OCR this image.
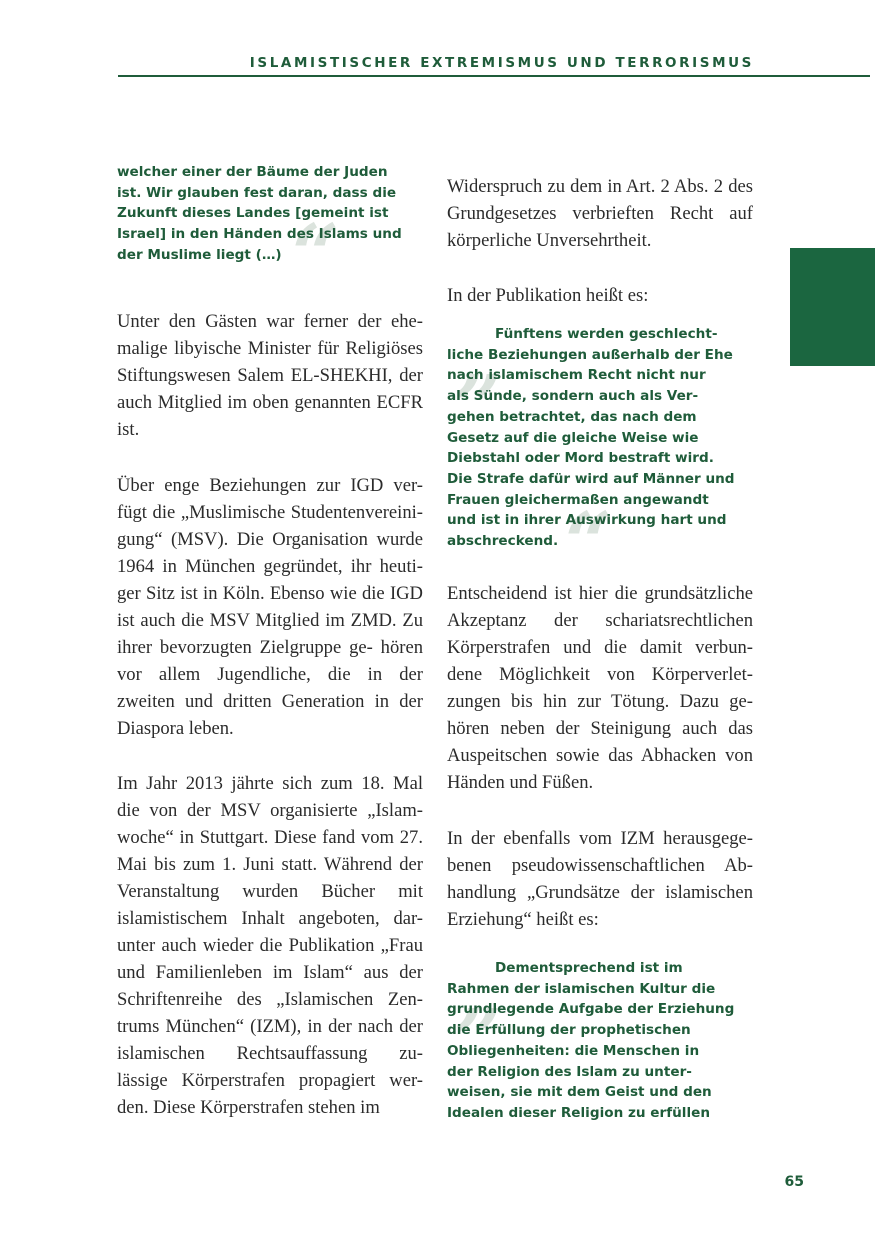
ISLAMISTISCHER EXTREMISMUS UND TERRORISMUS
“
welcher einer der Bäume der Juden
ist. Wir glauben fest daran, dass die
Zukunft dieses Landes [gemeint ist
Israel] in den Händen des Islams und
der Muslime liegt (…)

Unter den Gästen war ferner der ehe- malige libyische Minister für Religiöses Stiftungswesen Salem EL-SHEKHI, der auch Mitglied im oben genannten ECFR ist.

Über enge Beziehungen zur IGD ver- fügt die „Muslimische Studentenvereini- gung“ (MSV). Die Organisation wurde 1964 in München gegründet, ihr heuti- ger Sitz ist in Köln. Ebenso wie die IGD ist auch die MSV Mitglied im ZMD. Zu ihrer bevorzugten Zielgruppe ge- hören vor allem Jugendliche, die in der zweiten und dritten Generation in der Diaspora leben.

Im Jahr 2013 jährte sich zum 18. Mal die von der MSV organisierte „Islam- woche“ in Stuttgart. Diese fand vom 27. Mai bis zum 1. Juni statt. Während der Veranstaltung wurden Bücher mit islamistischem Inhalt angeboten, dar- unter auch wieder die Publikation „Frau und Familienleben im Islam“ aus der Schriftenreihe des „Islamischen Zen- trums München“ (IZM), in der nach der islamischen Rechtsauffassung zu- lässige Körperstrafen propagiert wer- den. Diese Körperstrafen stehen im

Widerspruch zu dem in Art. 2 Abs. 2 des Grundgesetzes verbrieften Recht auf körperliche Unversehrtheit.

In der Publikation heißt es:

„
“
Fünftens werden geschlecht-
liche Beziehungen außerhalb der Ehe
nach islamischem Recht nicht nur
als Sünde, sondern auch als Ver-
gehen betrachtet, das nach dem
Gesetz auf die gleiche Weise wie
Diebstahl oder Mord bestraft wird.
Die Strafe dafür wird auf Männer und
Frauen gleichermaßen angewandt
und ist in ihrer Auswirkung hart und
abschreckend.

Entscheidend ist hier die grundsätzliche Akzeptanz der schariatsrechtlichen Körperstrafen und die damit verbun- dene Möglichkeit von Körperverlet- zungen bis hin zur Tötung. Dazu ge- hören neben der Steinigung auch das Auspeitschen sowie das Abhacken von Händen und Füßen.

In der ebenfalls vom IZM herausgege- benen pseudowissenschaftlichen Ab- handlung „Grundsätze der islamischen Erziehung“ heißt es:

„
Dementsprechend ist im
Rahmen der islamischen Kultur die
grundlegende Aufgabe der Erziehung
die Erfüllung der prophetischen
Obliegenheiten: die Menschen in
der Religion des Islam zu unter-
weisen, sie mit dem Geist und den
Idealen dieser Religion zu erfüllen
65
